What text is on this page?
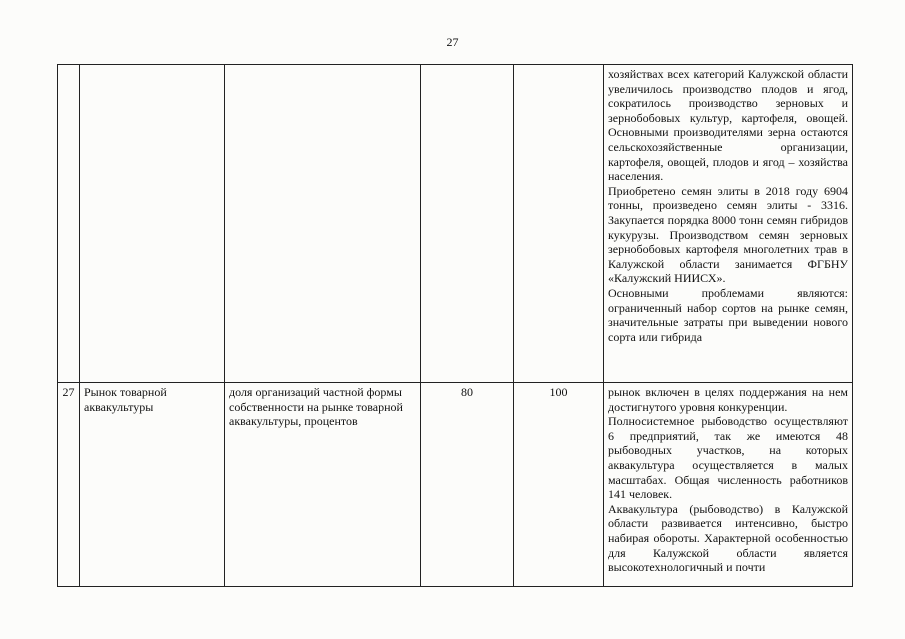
27

					хозяйствах всех категорий Калужской области увеличилось производство плодов и ягод, сократилось производство зерновых и зернобобовых культур, картофеля, овощей. Основными производителями зерна остаются сельскохозяйственные организации, картофеля, овощей, плодов и ягод – хозяйства населения.

Приобретено семян элиты в 2018 году 6904 тонны, произведено семян элиты - 3316. Закупается порядка 8000 тонн семян гибридов кукурузы. Производством семян зерновых зернобобовых картофеля многолетних трав в Калужской области занимается ФГБНУ «Калужский НИИСХ».

Основными проблемами являются: ограниченный набор сортов на рынке семян, значительные затраты при выведении нового сорта или гибрида

27	Рынок товарной аквакультуры	доля организаций частной формы собственности на рынке товарной аквакультуры, процентов	80	100	рынок включен в целях поддержания на нем достигнутого уровня конкуренции.

Полносистемное рыбоводство осуществляют 6 предприятий, так же имеются 48 рыбоводных участков, на которых аквакультура осуществляется в малых масштабах. Общая численность работников 141 человек.

Аквакультура (рыбоводство) в Калужской области развивается интенсивно, быстро набирая обороты. Характерной особенностью для Калужской области является высокотехнологичный и почти
